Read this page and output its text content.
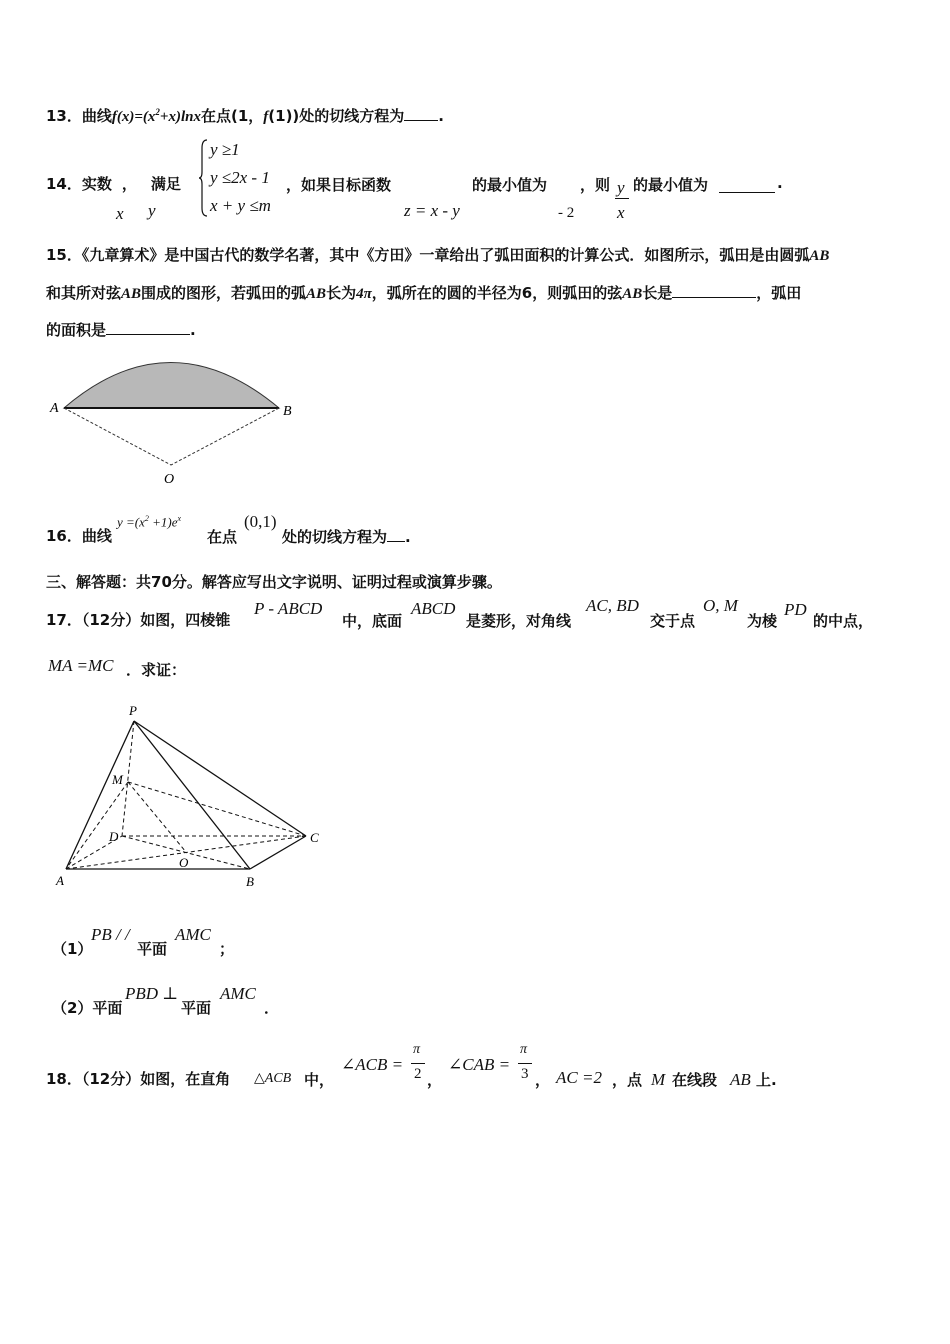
13．曲线$f(x)=(x^2+x)\ln x$在点(1，f(1))处的切线方程为 .
14．实数 ， 满足
y ≥1
y ≤2x - 1
x + y ≤m
，如果目标函数	的最小值为 ，则 y
x
的最小值为	.
x y	z = x - y	- 2
15．《九章算术》是中国古代的数学名著，其中《方田》一章给出了弧田面积的计算公式．如图所示，弧田是由圆弧AB
和其所对弦AB围成的图形，若弧田的弧AB长为4π，弧所在的圆的半径为6，则弧田的弦AB长是	，弧田
的面积是	.
A	B
O
16．曲线
$y =(x^2 +1)e^x$
在点
(0,1)
处的切线方程为 .
三、解答题：共70分。解答应写出文字说明、证明过程或演算步骤。
17．（12分）如图，四棱锥
P - ABCD
中，底面
ABCD
是菱形，对角线
AC, BD
交于点
O, M
为棱
PD
的中点，
MA =MC ．求证：
P
M
D	C
O
A	B
（1）
PB / /
平面
AMC
；
（2）平面
PBD ⊥
平面
AMC
．
18．（12分）如图，在直角 △ACB 中，
∠ACB =
π
2 ，
∠CAB =
π
3 ， AC =2 ，点 M 在线段 AB 上.
